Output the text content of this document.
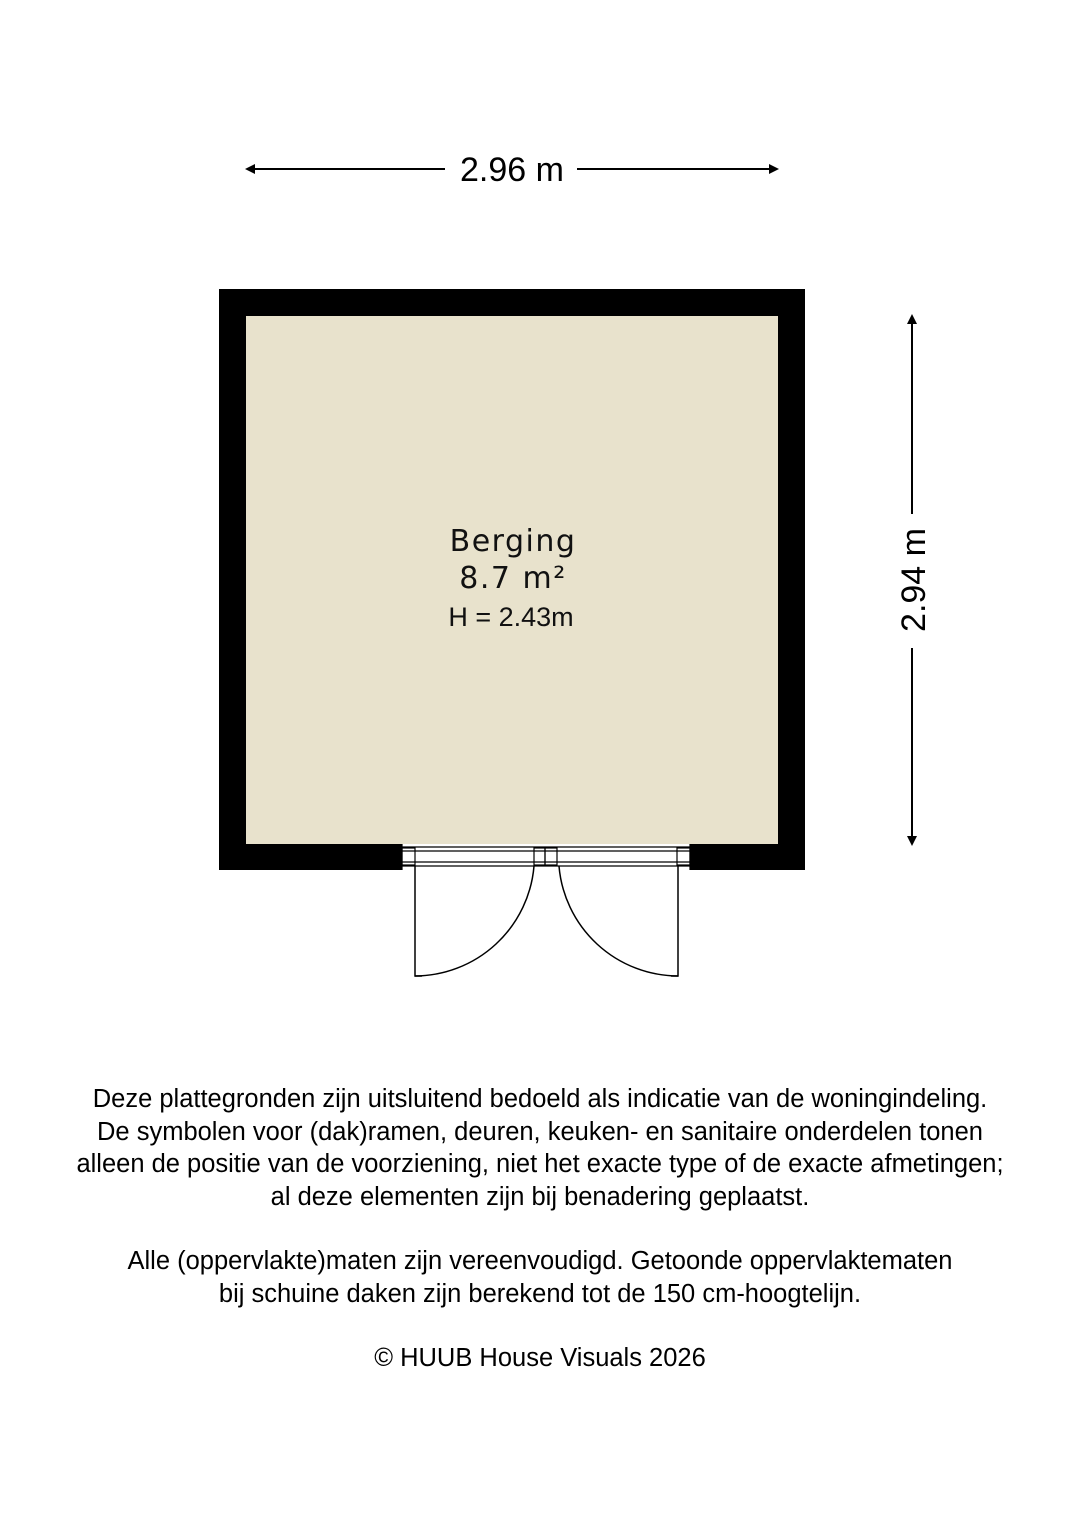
2.96 m
2.94 m
Berging
8.7 m²
H = 2.43m

Deze plattegronden zijn uitsluitend bedoeld als indicatie van de woningindeling.
De symbolen voor (dak)ramen, deuren, keuken- en sanitaire onderdelen tonen
alleen de positie van de voorziening, niet het exacte type of de exacte afmetingen;
al deze elementen zijn bij benadering geplaatst.

Alle (oppervlakte)maten zijn vereenvoudigd. Getoonde oppervlaktematen
bij schuine daken zijn berekend tot de 150 cm-hoogtelijn.

© HUUB House Visuals 2026
